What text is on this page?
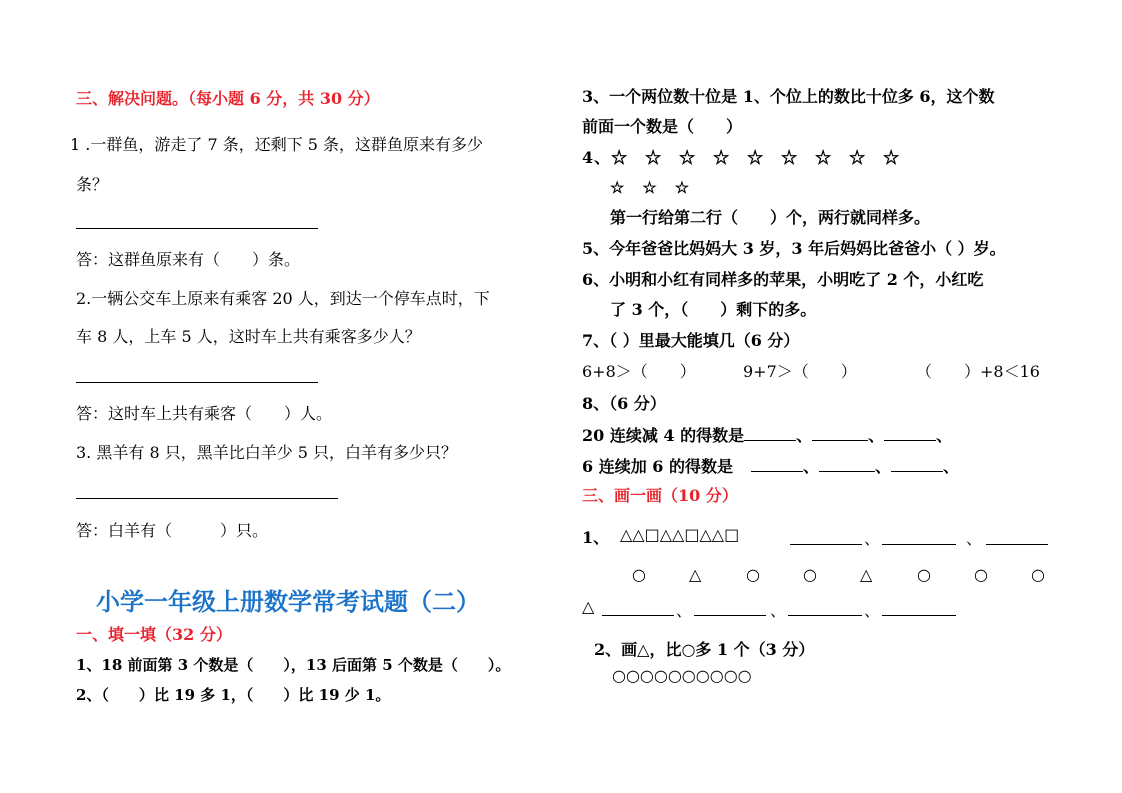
三、解决问题。（每小题 6 分，共 30 分）
1 .一群鱼，游走了 7 条，还剩下 5 条，这群鱼原来有多少
条？
答：这群鱼原来有（　　）条。
2.一辆公交车上原来有乘客 20 人，到达一个停车点时，下
车 8 人，上车 5 人，这时车上共有乘客多少人？
答：这时车上共有乘客（　　）人。
3. 黑羊有 8 只，黑羊比白羊少 5 只，白羊有多少只？
答：白羊有（　　　）只。
小学一年级上册数学常考试题（二）
一、填一填（32 分）
1、18 前面第 3 个数是（　　），13 后面第 5 个数是（　　）。
2、（　　）比 19 多 1，（　　）比 19 少 1。
3、一个两位数十位是 1、个位上的数比十位多 6，这个数
前面一个数是（　　）
4、☆　☆　☆　☆　☆　☆　☆　☆　☆
☆　☆　☆
第一行给第二行（　　）个，两行就同样多。
5、今年爸爸比妈妈大 3 岁，3 年后妈妈比爸爸小（ ）岁。
6、小明和小红有同样多的苹果，小明吃了 2 个，小红吃
了 3 个，（　　）剩下的多。
7、（ ）里最大能填几（6 分）
6+8＞（　　）	9+7＞（　　）	（　　）+8＜16
8、（6 分）
20 连续减 4 的得数是	、	、	、
6 连续加 6 的得数是	、	、	、
三、画一画（10 分）
1、 △△□△△□△△□	、	、
○	△	○	○	△	○	○	○
△	、	、	、
2、画△，比○多 1 个（3 分）
○○○○○○○○○○
